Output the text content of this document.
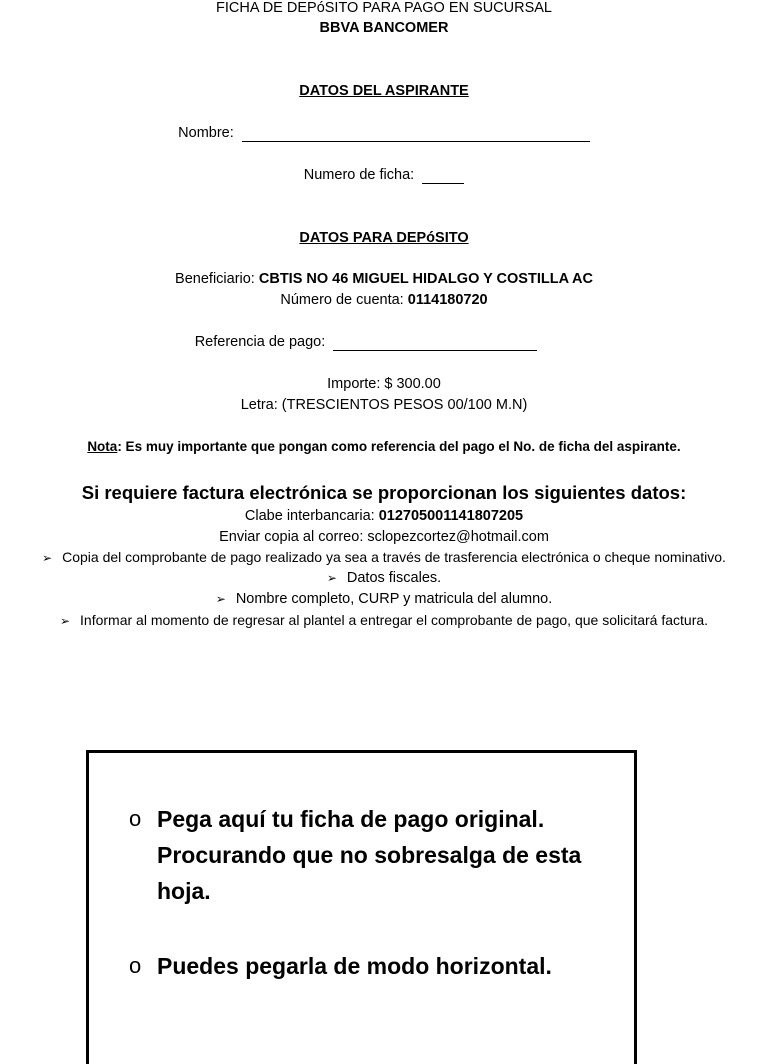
FICHA DE DEPóSITO PARA PAGO EN SUCURSAL
BBVA BANCOMER
DATOS DEL ASPIRANTE
Nombre:
Numero de ficha:
DATOS PARA DEPóSITO
Beneficiario: CBTIS NO 46 MIGUEL HIDALGO Y COSTILLA AC
Número de cuenta: 0114180720
Referencia de pago:
Importe: $ 300.00
Letra: (TRESCIENTOS PESOS 00/100 M.N)
Nota: Es muy importante que pongan como referencia del pago el No. de ficha del aspirante.
Si requiere factura electrónica se proporcionan los siguientes datos:
Clabe interbancaria: 012705001141807205
Enviar copia al correo: sclopezcortez@hotmail.com
➢ Copia del comprobante de pago realizado ya sea a través de trasferencia electrónica o cheque nominativo.
➢ Datos fiscales.
➢ Nombre completo, CURP y matricula del alumno.
➢ Informar al momento de regresar al plantel a entregar el comprobante de pago, que solicitará factura.
o Pega aquí tu ficha de pago original. Procurando que no sobresalga de esta hoja.
o Puedes pegarla de modo horizontal.
